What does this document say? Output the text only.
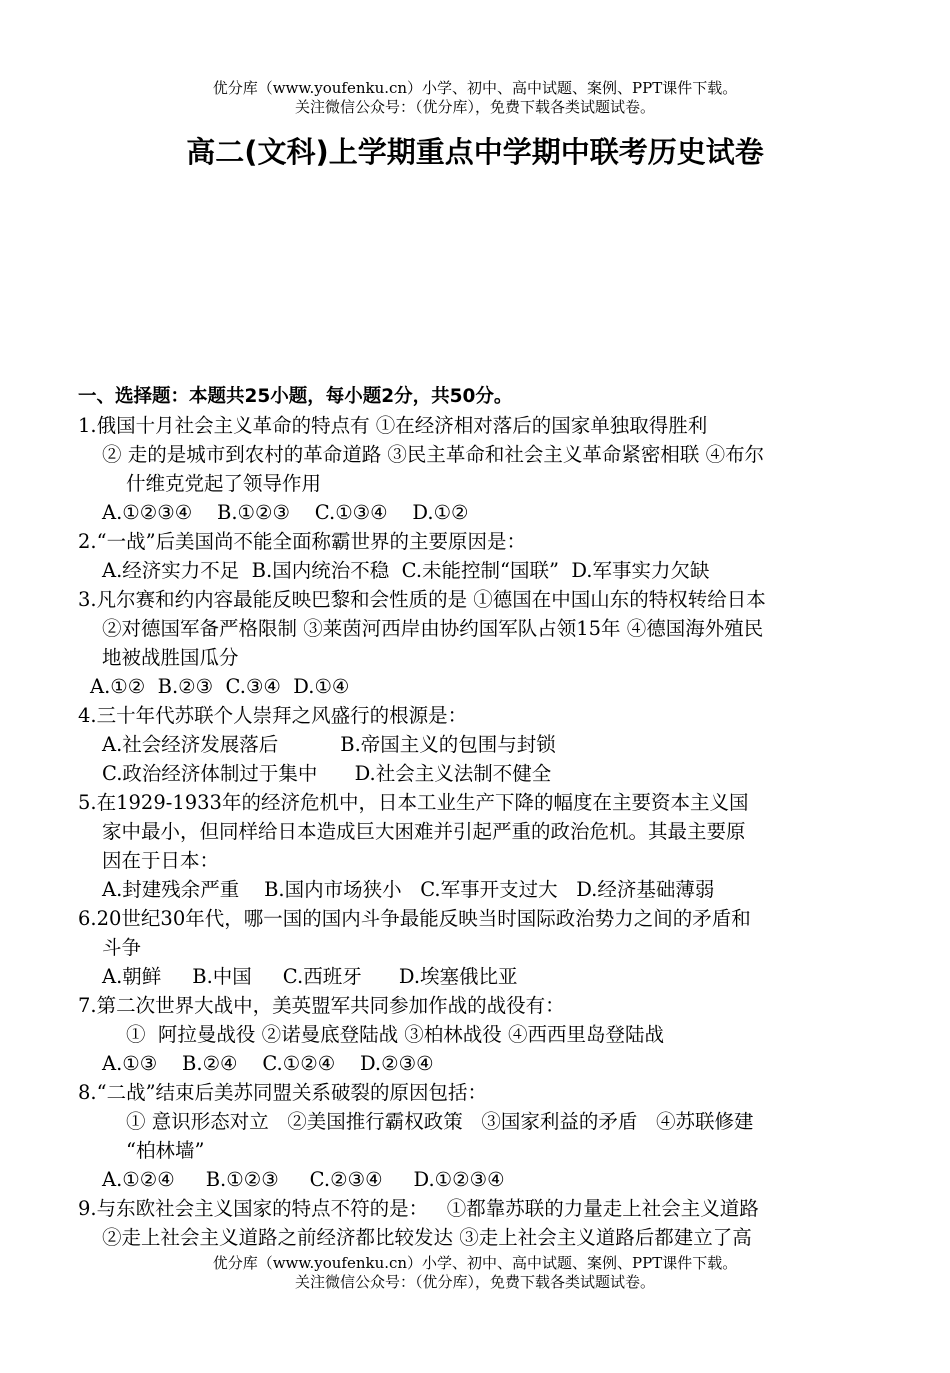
优分库（www.youfenku.cn）小学、初中、高中试题、案例、PPT课件下载。
关注微信公众号：（优分库），免费下载各类试题试卷。
高二(文科)上学期重点中学期中联考历史试卷
一、选择题：本题共25小题，每小题2分，共50分。
1.俄国十月社会主义革命的特点有 ①在经济相对落后的国家单独取得胜利
② 走的是城市到农村的革命道路 ③民主革命和社会主义革命紧密相联 ④布尔
什维克党起了领导作用
A.①②③④    B.①②③    C.①③④    D.①②
2.“一战”后美国尚不能全面称霸世界的主要原因是：
A.经济实力不足  B.国内统治不稳  C.未能控制“国联”  D.军事实力欠缺
3.凡尔赛和约内容最能反映巴黎和会性质的是 ①德国在中国山东的特权转给日本
②对德国军备严格限制 ③莱茵河西岸由协约国军队占领15年 ④德国海外殖民
地被战胜国瓜分
A.①②  B.②③  C.③④  D.①④
4.三十年代苏联个人崇拜之风盛行的根源是：
A.社会经济发展落后          B.帝国主义的包围与封锁
C.政治经济体制过于集中      D.社会主义法制不健全
5.在1929-1933年的经济危机中，日本工业生产下降的幅度在主要资本主义国
家中最小，但同样给日本造成巨大困难并引起严重的政治危机。其最主要原
因在于日本：
A.封建残余严重    B.国内市场狭小   C.军事开支过大   D.经济基础薄弱
6.20世纪30年代，哪一国的国内斗争最能反映当时国际政治势力之间的矛盾和
斗争
A.朝鲜     B.中国     C.西班牙      D.埃塞俄比亚
7.第二次世界大战中，美英盟军共同参加作战的战役有：
①  阿拉曼战役 ②诺曼底登陆战 ③柏林战役 ④西西里岛登陆战
A.①③    B.②④    C.①②④    D.②③④
8.“二战”结束后美苏同盟关系破裂的原因包括：
① 意识形态对立   ②美国推行霸权政策   ③国家利益的矛盾   ④苏联修建
“柏林墙”
A.①②④     B.①②③     C.②③④     D.①②③④
9.与东欧社会主义国家的特点不符的是：   ①都靠苏联的力量走上社会主义道路
②走上社会主义道路之前经济都比较发达 ③走上社会主义道路后都建立了高
优分库（www.youfenku.cn）小学、初中、高中试题、案例、PPT课件下载。
关注微信公众号：（优分库），免费下载各类试题试卷。
